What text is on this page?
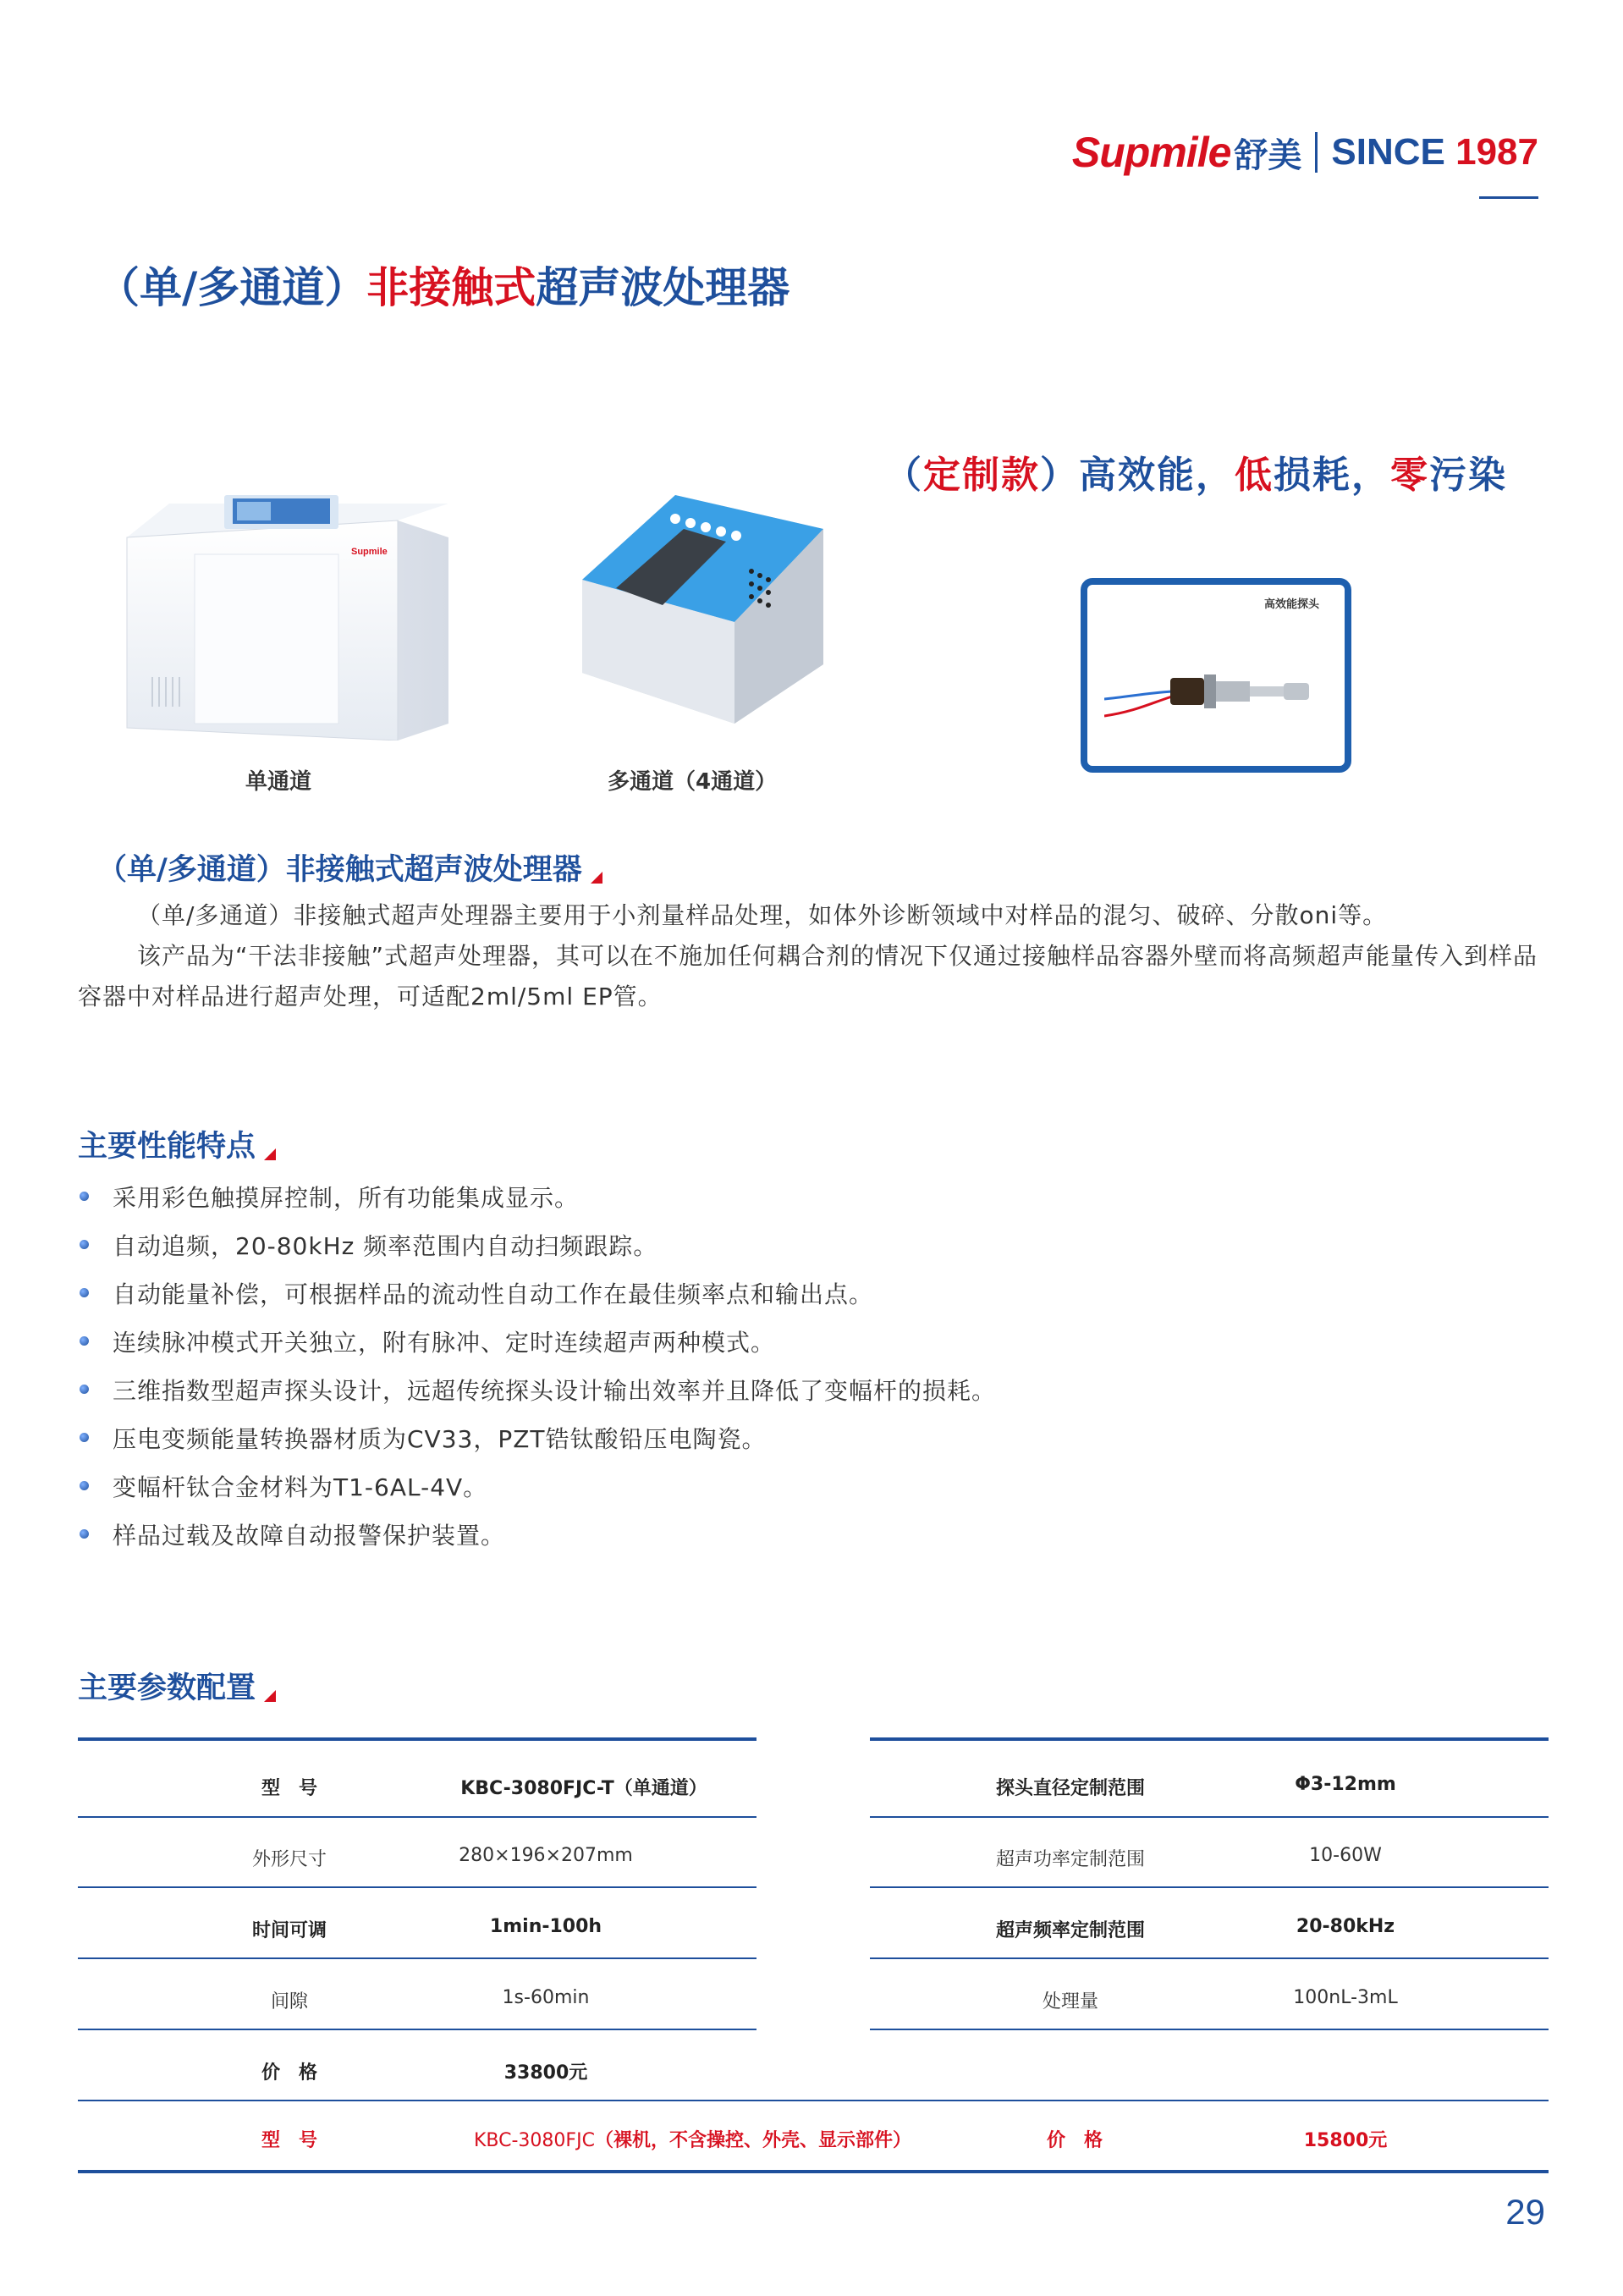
Supmile 舒美 SINCE 1987
（单/多通道）非接触式超声波处理器
（定制款）高效能，低损耗，零污染
Supmile
单通道	多通道（4通道）
高效能探头
（单/多通道）非接触式超声波处理器
（单/多通道）非接触式超声处理器主要用于小剂量样品处理，如体外诊断领域中对样品的混匀、破碎、分散oni等。
该产品为“干法非接触”式超声处理器，其可以在不施加任何耦合剂的情况下仅通过接触样品容器外壁而将高频超声能量传入到样品容器中对样品进行超声处理，可适配2ml/5ml EP管。
主要性能特点
采用彩色触摸屏控制，所有功能集成显示。
自动追频，20-80kHz 频率范围内自动扫频跟踪。
自动能量补偿，可根据样品的流动性自动工作在最佳频率点和输出点。
连续脉冲模式开关独立，附有脉冲、定时连续超声两种模式。
三维指数型超声探头设计，远超传统探头设计输出效率并且降低了变幅杆的损耗。
压电变频能量转换器材质为CV33，PZT锆钛酸铅压电陶瓷。
变幅杆钛合金材料为T1-6AL-4V。
样品过载及故障自动报警保护装置。
主要参数配置
型　号	KBC-3080FJC-T（单通道）
外形尺寸	280×196×207mm
时间可调	1min-100h
间隙	1s-60min
价　格	33800元
探头直径定制范围	Φ3-12mm
超声功率定制范围	10-60W
超声频率定制范围	20-80kHz
处理量	100nL-3mL
型　号	KBC-3080FJC（裸机，不含操控、外壳、显示部件）	价　格	15800元
29
